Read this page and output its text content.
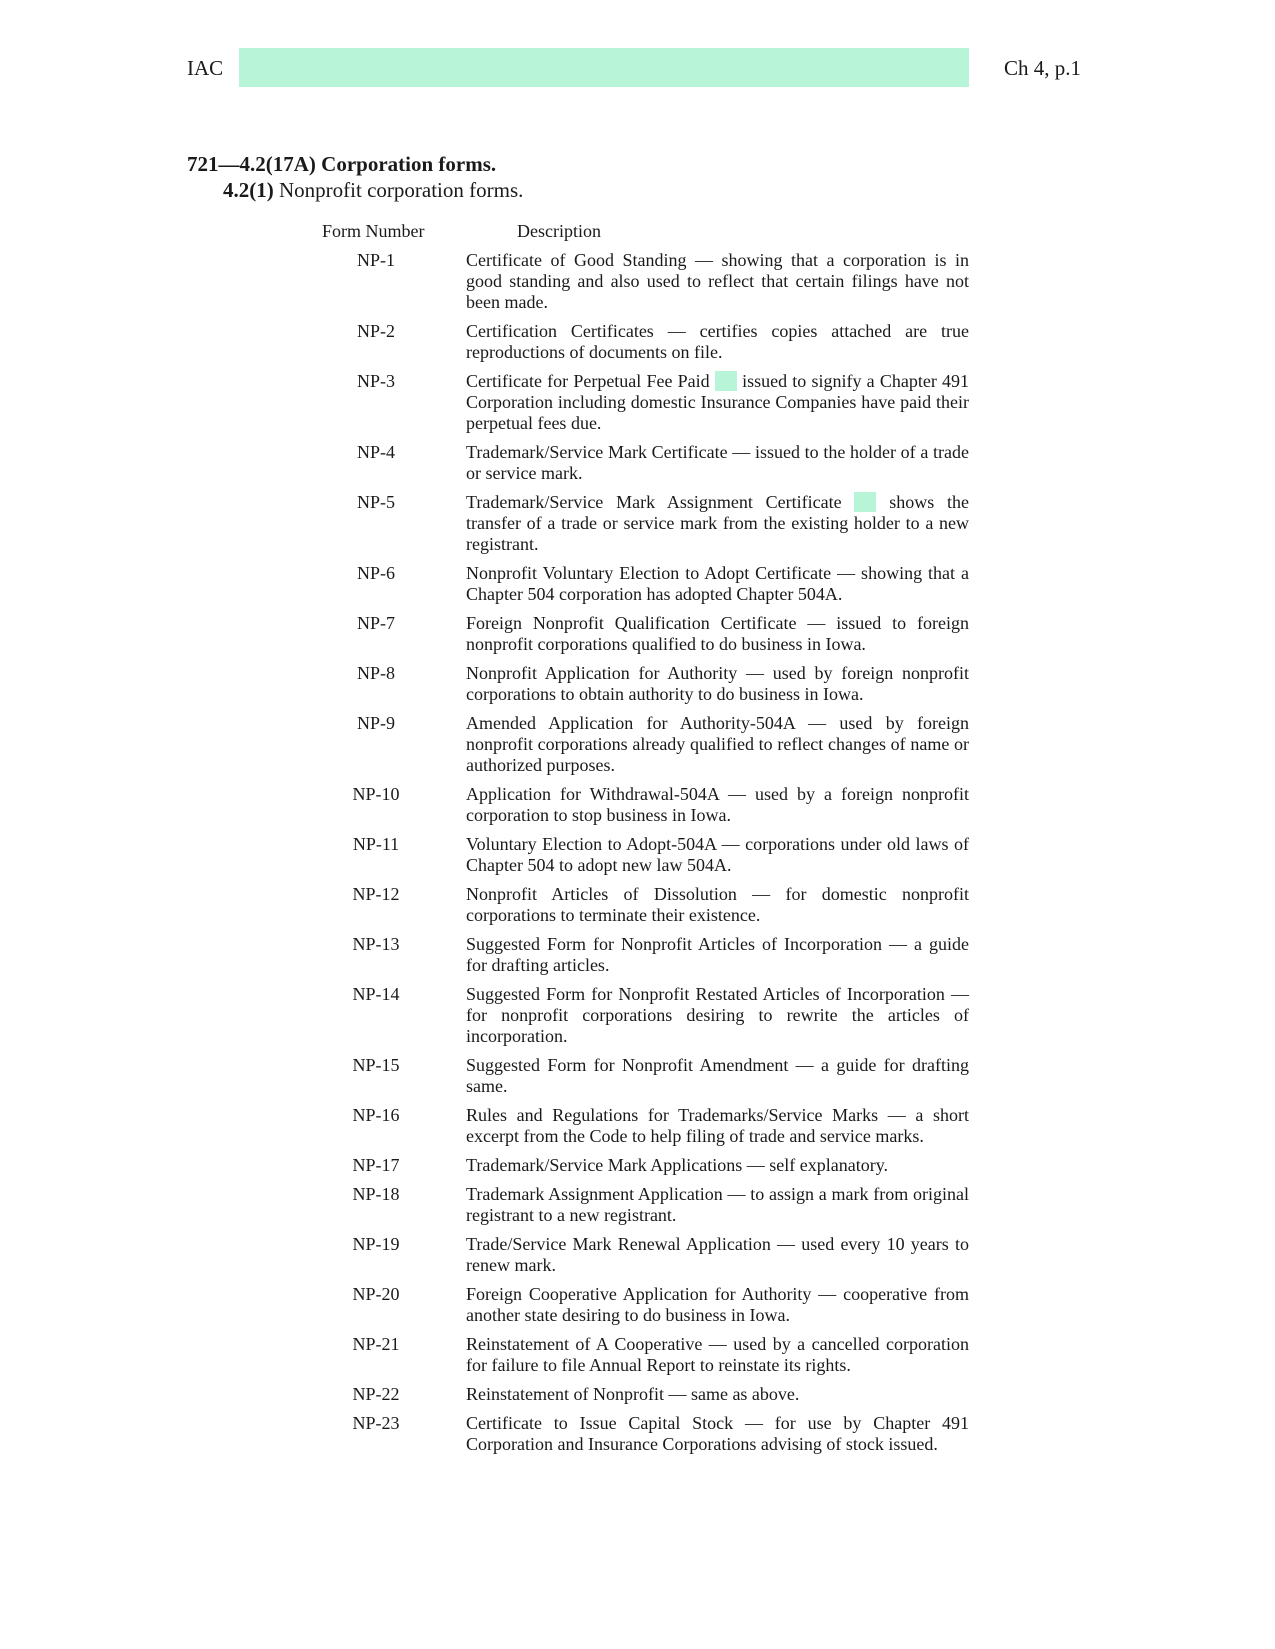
IAC	Ch 4, p.1
721—4.2(17A) Corporation forms.
4.2(1) Nonprofit corporation forms.
Form Number	Description
NP-1	Certificate of Good Standing — showing that a corporation is in good standing and also used to reflect that certain filings have not been made.
NP-2	Certification Certificates — certifies copies attached are true reproductions of documents on file.
NP-3	Certificate for Perpetual Fee Paid — issued to signify a Chapter 491 Corporation including domestic Insurance Companies have paid their perpetual fees due.
NP-4	Trademark/Service Mark Certificate — issued to the holder of a trade or service mark.
NP-5	Trademark/Service Mark Assignment Certificate — shows the transfer of a trade or service mark from the existing holder to a new registrant.
NP-6	Nonprofit Voluntary Election to Adopt Certificate — showing that a Chapter 504 corporation has adopted Chapter 504A.
NP-7	Foreign Nonprofit Qualification Certificate — issued to foreign nonprofit corporations qualified to do business in Iowa.
NP-8	Nonprofit Application for Authority — used by foreign nonprofit corporations to obtain authority to do business in Iowa.
NP-9	Amended Application for Authority-504A — used by foreign nonprofit corporations already qualified to reflect changes of name or authorized purposes.
NP-10	Application for Withdrawal-504A — used by a foreign nonprofit corporation to stop business in Iowa.
NP-11	Voluntary Election to Adopt-504A — corporations under old laws of Chapter 504 to adopt new law 504A.
NP-12	Nonprofit Articles of Dissolution — for domestic nonprofit corporations to terminate their existence.
NP-13	Suggested Form for Nonprofit Articles of Incorporation — a guide for drafting articles.
NP-14	Suggested Form for Nonprofit Restated Articles of Incorporation — for nonprofit corporations desiring to rewrite the articles of incorporation.
NP-15	Suggested Form for Nonprofit Amendment — a guide for drafting same.
NP-16	Rules and Regulations for Trademarks/Service Marks — a short excerpt from the Code to help filing of trade and service marks.
NP-17	Trademark/Service Mark Applications — self explanatory.
NP-18	Trademark Assignment Application — to assign a mark from original registrant to a new registrant.
NP-19	Trade/Service Mark Renewal Application — used every 10 years to renew mark.
NP-20	Foreign Cooperative Application for Authority — cooperative from another state desiring to do business in Iowa.
NP-21	Reinstatement of A Cooperative — used by a cancelled corporation for failure to file Annual Report to reinstate its rights.
NP-22	Reinstatement of Nonprofit — same as above.
NP-23	Certificate to Issue Capital Stock — for use by Chapter 491 Corporation and Insurance Corporations advising of stock issued.
